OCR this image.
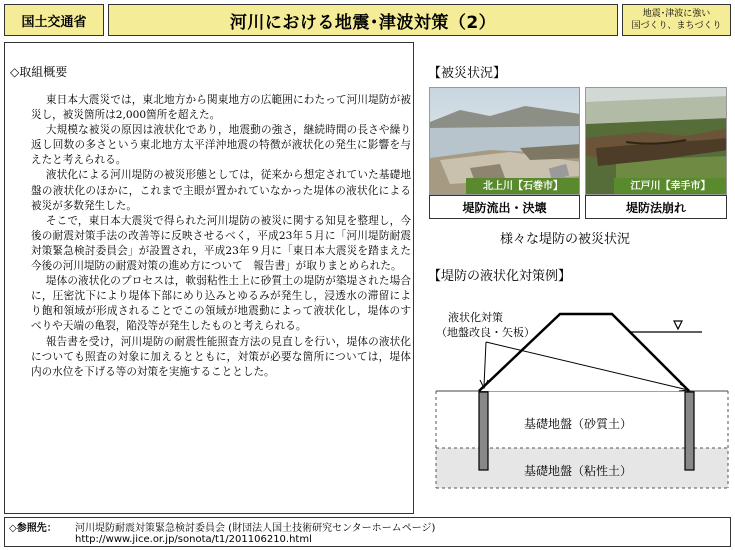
国土交通省	河川における地震･津波対策（2）	地震･津波に強い
国づくり、まちづくり
◇取組概要

東日本大震災では，東北地方から関東地方の広範囲にわたって河川堤防が被災し，被災箇所は2,000箇所を超えた。

大規模な被災の原因は液状化であり，地震動の強さ，継続時間の長さや繰り返し回数の多さという東北地方太平洋沖地震の特徴が液状化の発生に影響を与えたと考えられる。

液状化による河川堤防の被災形態としては，従来から想定されていた基礎地盤の液状化のほかに，これまで主眼が置かれていなかった堤体の液状化による被災が多数発生した。

そこで，東日本大震災で得られた河川堤防の被災に関する知見を整理し，今後の耐震対策手法の改善等に反映させるべく，平成23年５月に「河川堤防耐震対策緊急検討委員会」が設置され，平成23年９月に「東日本大震災を踏まえた今後の河川堤防の耐震対策の進め方について　報告書」が取りまとめられた。

堤体の液状化のプロセスは，軟弱粘性土上に砂質土の堤防が築堤された場合に，圧密沈下により堤体下部にめり込みとゆるみが発生し，浸透水の滞留により飽和領域が形成されることでこの領域が地震動によって液状化し，堤体のすべりや天端の亀裂，陥没等が発生したものと考えられる。

報告書を受け，河川堤防の耐震性能照査方法の見直しを行い，堤体の液状化についても照査の対象に加えるとともに，対策が必要な箇所については，堤体内の水位を下げる等の対策を実施することとした。

【被災状況】
北上川【石巻市】
堤防流出・決壊
江戸川【幸手市】
堤防法崩れ
様々な堤防の被災状況
【堤防の液状化対策例】
液状化対策
（地盤改良・矢板）
基礎地盤（砂質土）
基礎地盤（粘性土）
◇参照先： 河川堤防耐震対策緊急検討委員会 (財団法人国土技術研究センターホームページ)
http://www.jice.or.jp/sonota/t1/201106210.html
